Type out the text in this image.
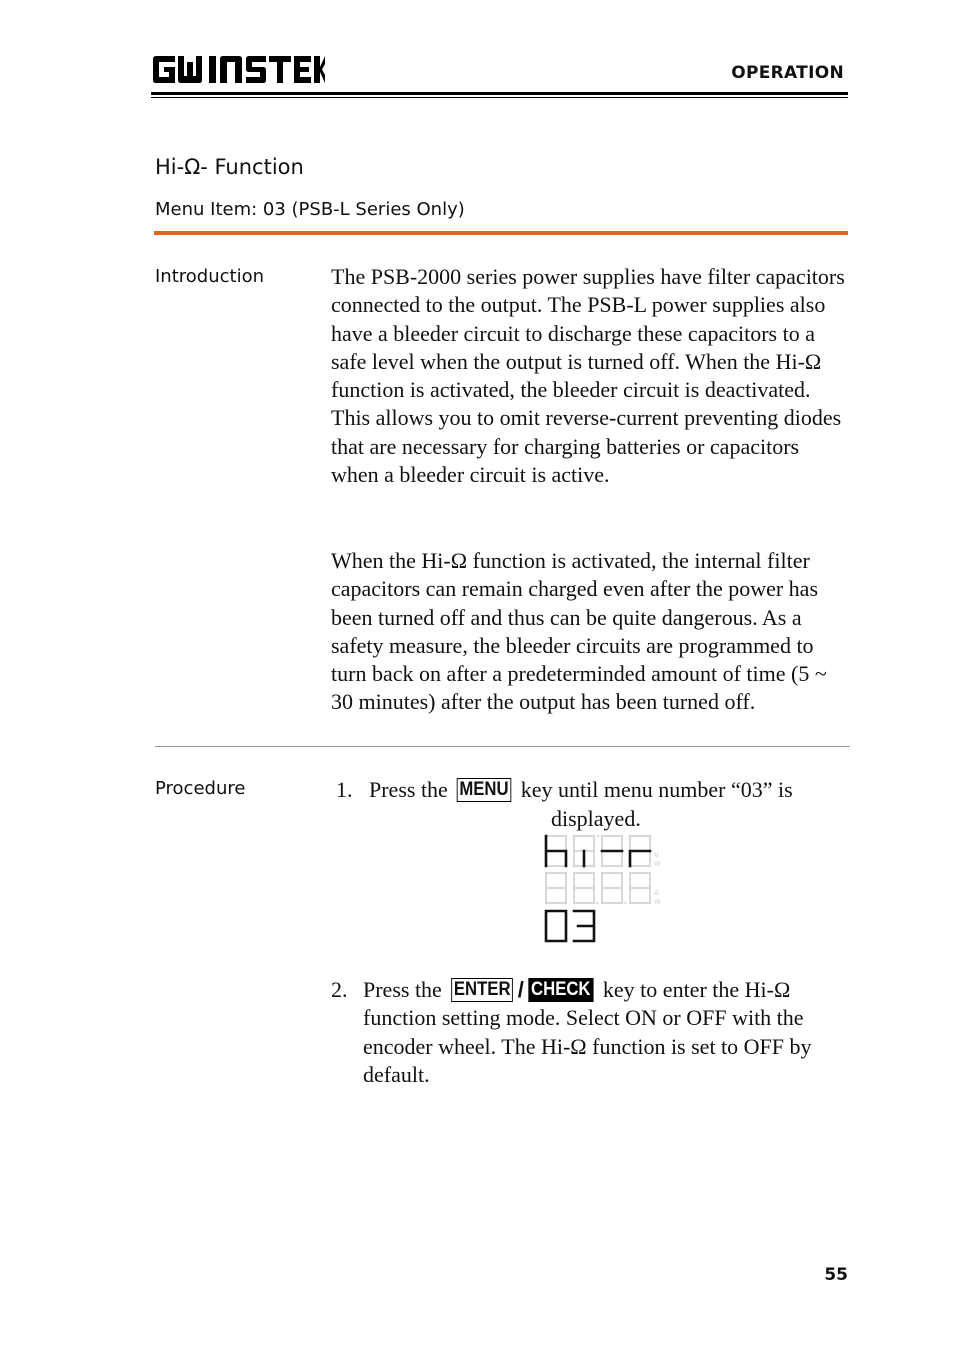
OPERATION
Hi-Ω- Function
Menu Item: 03 (PSB-L Series Only)
Introduction	The PSB-2000 series power supplies have filter capacitors connected to the output. The PSB-L power supplies also have a bleeder circuit to discharge these capacitors to a safe level when the output is turned off. When the Hi-Ω function is activated, the bleeder circuit is deactivated. This allows you to omit reverse-current preventing diodes that are necessary for charging batteries or capacitors when a bleeder circuit is active.
When the Hi-Ω function is activated, the internal filter capacitors can remain charged even after the power has been turned off and thus can be quite dangerous. As a safety measure, the bleeder circuits are programmed to turn back on after a predeterminded amount of time (5 ~ 30 minutes) after the output has been turned off.
Procedure	1. Press the MENU key until menu number “03” is
displayed.
V
W
A
W
2. Press the ENTER / CHECK key to enter the Hi-Ω function setting mode. Select ON or OFF with the encoder wheel. The Hi-Ω function is set to OFF by default.
55
